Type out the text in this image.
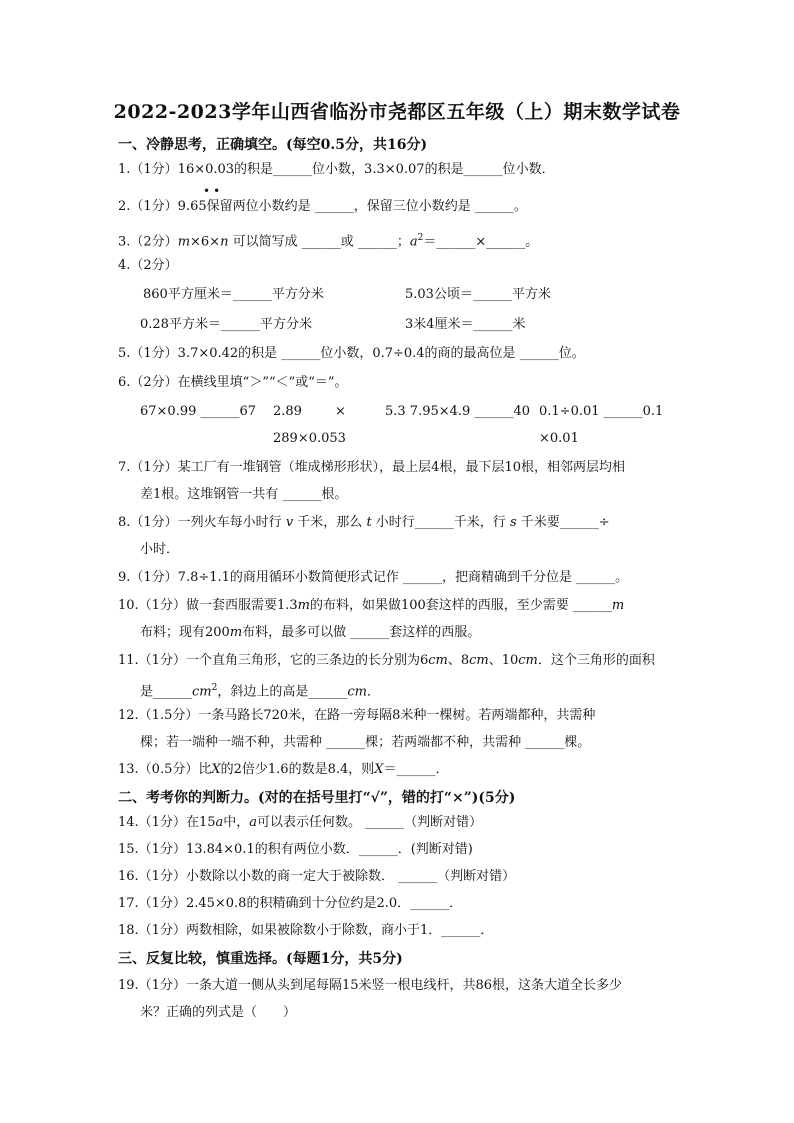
2022-2023学年山西省临汾市尧都区五年级（上）期末数学试卷
一、冷静思考，正确填空。(每空0.5分，共16分)
1.（1分）16×0.03的积是______位小数，3.3×0.07的积是______位小数．
••
2.（1分）9.65保留两位小数约是 ______，保留三位小数约是 ______。
3.（2分）m×6×n 可以简写成 ______或 ______；$a^2=\_\_\_\_\_\_\times\_\_\_\_\_\_$。
4.（2分）
860平方厘米＝______平方分米	5.03公顷＝______平方米
0.28平方米＝______平方分米	3米4厘米＝______米
5.（1分）3.7×0.42的积是 ______位小数，0.7÷0.4的商的最高位是 ______位。
6.（2分）在横线里填“＞”“＜”或“＝”。
67×0.99 ______67 2.89	×	5.3 7.95×4.9 ______40 0.1÷0.01 ______0.1
289×0.053	×0.01
7.（1分）某工厂有一堆钢管（堆成梯形形状），最上层4根，最下层10根，相邻两层均相
差1根。这堆钢管一共有 ______根。
8.（1分）一列火车每小时行 v 千米，那么 t 小时行______千米，行 s 千米要______÷
小时．
9.（1分）7.8÷1.1的商用循环小数简便形式记作 ______，把商精确到千分位是 ______。
10.（1分）做一套西服需要1.3m的布料，如果做100套这样的西服，至少需要 ______m
布料；现有200m布料，最多可以做 ______套这样的西服。
11.（1分）一个直角三角形，它的三条边的长分别为6cm、8cm、10cm．这个三角形的面积
是$\_\_\_\_\_\_cm^2$，斜边上的高是______cm．
12.（1.5分）一条马路长720米，在路一旁每隔8米种一棵树。若两端都种，共需种
棵；若一端种一端不种，共需种 ______棵；若两端都不种，共需种 ______棵。
13.（0.5分）比X的2倍少1.6的数是8.4，则X＝______．
二、考考你的判断力。(对的在括号里打“√”，错的打“×”)(5分)
14.（1分）在15a中，a可以表示任何数。 ______（判断对错）
15.（1分）13.84×0.1的积有两位小数．______．(判断对错)
16.（1分）小数除以小数的商一定大于被除数． ______（判断对错）
17.（1分）2.45×0.8的积精确到十分位约是2.0．______．
18.（1分）两数相除，如果被除数小于除数，商小于1．______．
三、反复比较，慎重选择。(每题1分，共5分)
19.（1分）一条大道一侧从头到尾每隔15米竖一根电线杆，共86根，这条大道全长多少
米？正确的列式是（　　）
